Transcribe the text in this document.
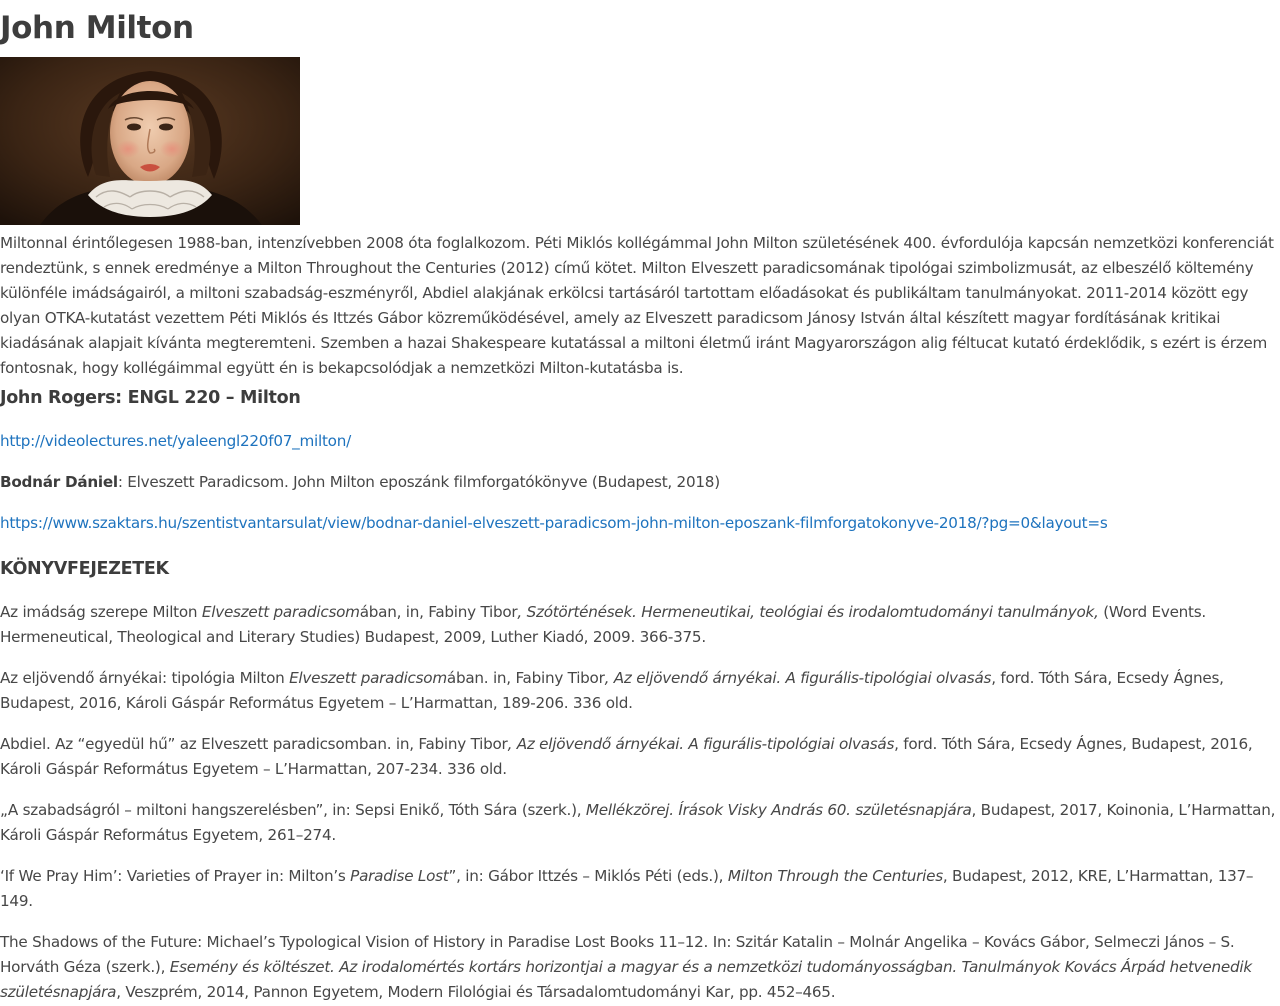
John Milton

Miltonnal érintőlegesen 1988-ban, intenzívebben 2008 óta foglalkozom. Péti Miklós kollégámmal John Milton születésének 400. évfordulója kapcsán nemzetközi konferenciát rendeztünk, s ennek eredménye a Milton Throughout the Centuries (2012) című kötet. Milton Elveszett paradicsomának tipológai szimbolizmusát, az elbeszélő költemény különféle imádságairól, a miltoni szabadság-eszményről, Abdiel alakjának erkölcsi tartásáról tartottam előadásokat és publikáltam tanulmányokat. 2011-2014 között egy olyan OTKA-kutatást vezettem Péti Miklós és Ittzés Gábor közreműködésével, amely az Elveszett paradicsom Jánosy István által készített magyar fordításának kritikai kiadásának alapjait kívánta megteremteni. Szemben a hazai Shakespeare kutatással a miltoni életmű iránt Magyarországon alig féltucat kutató érdeklődik, s ezért is érzem fontosnak, hogy kollégáimmal együtt én is bekapcsolódjak a nemzetközi Milton-kutatásba is.

John Rogers: ENGL 220 – Milton

http://videolectures.net/yaleengl220f07_milton/

Bodnár Dániel: Elveszett Paradicsom. John Milton eposzánk filmforgatókönyve (Budapest, 2018)

https://www.szaktars.hu/szentistvantarsulat/view/bodnar-daniel-elveszett-paradicsom-john-milton-eposzank-filmforgatokonyve-2018/?pg=0&layout=s

KÖNYVFEJEZETEK

Az imádság szerepe Milton Elveszett paradicsomában, in, Fabiny Tibor, Szótörténések. Hermeneutikai, teológiai és irodalomtudományi tanulmányok, (Word Events. Hermeneutical, Theological and Literary Studies) Budapest, 2009, Luther Kiadó, 2009. 366-375.

Az eljövendő árnyékai: tipológia Milton Elveszett paradicsomában. in, Fabiny Tibor, Az eljövendő árnyékai. A figurális-tipológiai olvasás, ford. Tóth Sára, Ecsedy Ágnes, Budapest, 2016, Károli Gáspár Református Egyetem – L’Harmattan, 189-206. 336 old.

Abdiel. Az “egyedül hű” az Elveszett paradicsomban. in, Fabiny Tibor, Az eljövendő árnyékai. A figurális-tipológiai olvasás, ford. Tóth Sára, Ecsedy Ágnes, Budapest, 2016, Károli Gáspár Református Egyetem – L’Harmattan, 207-234. 336 old.

„A szabadságról – miltoni hangszerelésben”, in: Sepsi Enikő, Tóth Sára (szerk.), Mellékzörej. Írások Visky András 60. születésnapjára, Budapest, 2017, Koinonia, L’Harmattan, Károli Gáspár Református Egyetem, 261–274.

‘If We Pray Him’: Varieties of Prayer in: Milton’s Paradise Lost”, in: Gábor Ittzés – Miklós Péti (eds.), Milton Through the Centuries, Budapest, 2012, KRE, L’Harmattan, 137–149.

The Shadows of the Future: Michael’s Typological Vision of History in Paradise Lost Books 11–12. In: Szitár Katalin – Molnár Angelika – Kovács Gábor, Selmeczi János – S. Horváth Géza (szerk.), Esemény és költészet. Az irodalomértés kortárs horizontjai a magyar és a nemzetközi tudományosságban. Tanulmányok Kovács Árpád hetvenedik születésnapjára, Veszprém, 2014, Pannon Egyetem, Modern Filológiai és Társadalomtudományi Kar, pp. 452–465.
